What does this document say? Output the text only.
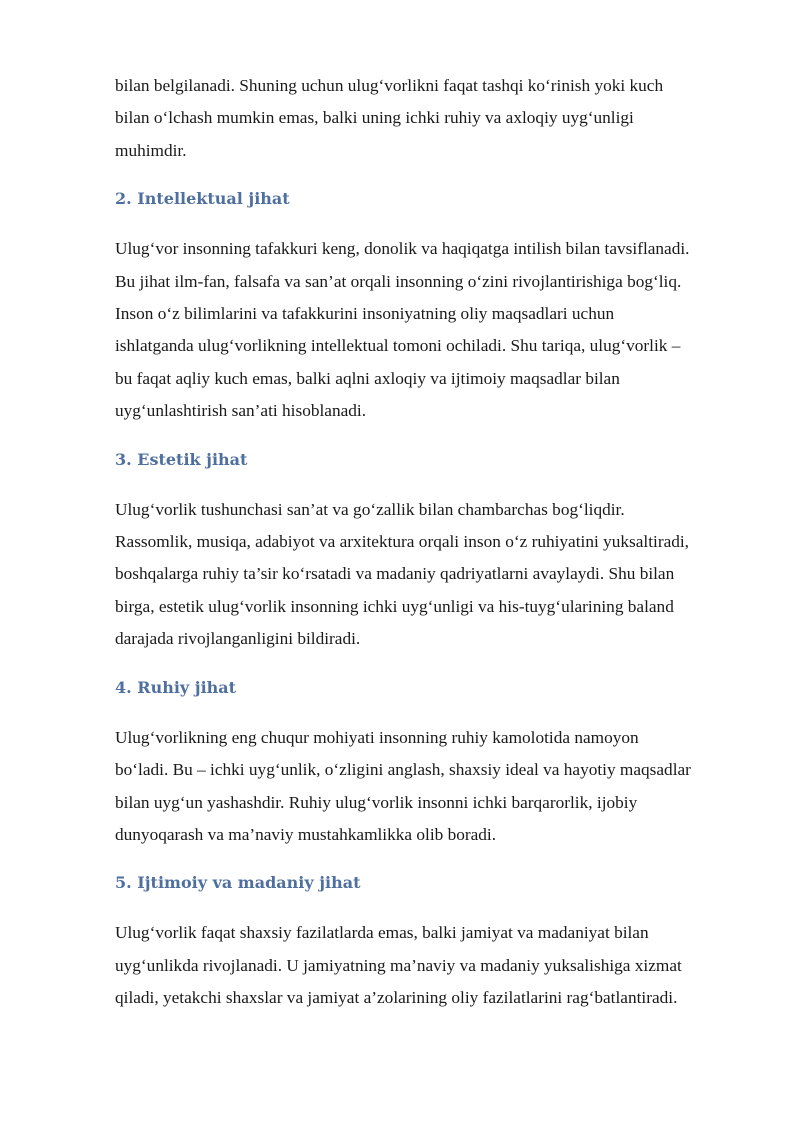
bilan belgilanadi. Shuning uchun ulug‘vorlikni faqat tashqi ko‘rinish yoki kuch
bilan o‘lchash mumkin emas, balki uning ichki ruhiy va axloqiy uyg‘unligi
muhimdir.

2. Intellektual jihat

Ulug‘vor insonning tafakkuri keng, donolik va haqiqatga intilish bilan tavsiflanadi.
Bu jihat ilm-fan, falsafa va san’at orqali insonning o‘zini rivojlantirishiga bog‘liq.
Inson o‘z bilimlarini va tafakkurini insoniyatning oliy maqsadlari uchun
ishlatganda ulug‘vorlikning intellektual tomoni ochiladi. Shu tariqa, ulug‘vorlik –
bu faqat aqliy kuch emas, balki aqlni axloqiy va ijtimoiy maqsadlar bilan
uyg‘unlashtirish san’ati hisoblanadi.

3. Estetik jihat

Ulug‘vorlik tushunchasi san’at va go‘zallik bilan chambarchas bog‘liqdir.
Rassomlik, musiqa, adabiyot va arxitektura orqali inson o‘z ruhiyatini yuksaltiradi,
boshqalarga ruhiy ta’sir ko‘rsatadi va madaniy qadriyatlarni avaylaydi. Shu bilan
birga, estetik ulug‘vorlik insonning ichki uyg‘unligi va his-tuyg‘ularining baland
darajada rivojlanganligini bildiradi.

4. Ruhiy jihat

Ulug‘vorlikning eng chuqur mohiyati insonning ruhiy kamolotida namoyon
bo‘ladi. Bu – ichki uyg‘unlik, o‘zligini anglash, shaxsiy ideal va hayotiy maqsadlar
bilan uyg‘un yashashdir. Ruhiy ulug‘vorlik insonni ichki barqarorlik, ijobiy
dunyoqarash va ma’naviy mustahkamlikka olib boradi.

5. Ijtimoiy va madaniy jihat

Ulug‘vorlik faqat shaxsiy fazilatlarda emas, balki jamiyat va madaniyat bilan
uyg‘unlikda rivojlanadi. U jamiyatning ma’naviy va madaniy yuksalishiga xizmat
qiladi, yetakchi shaxslar va jamiyat a’zolarining oliy fazilatlarini rag‘batlantiradi.
